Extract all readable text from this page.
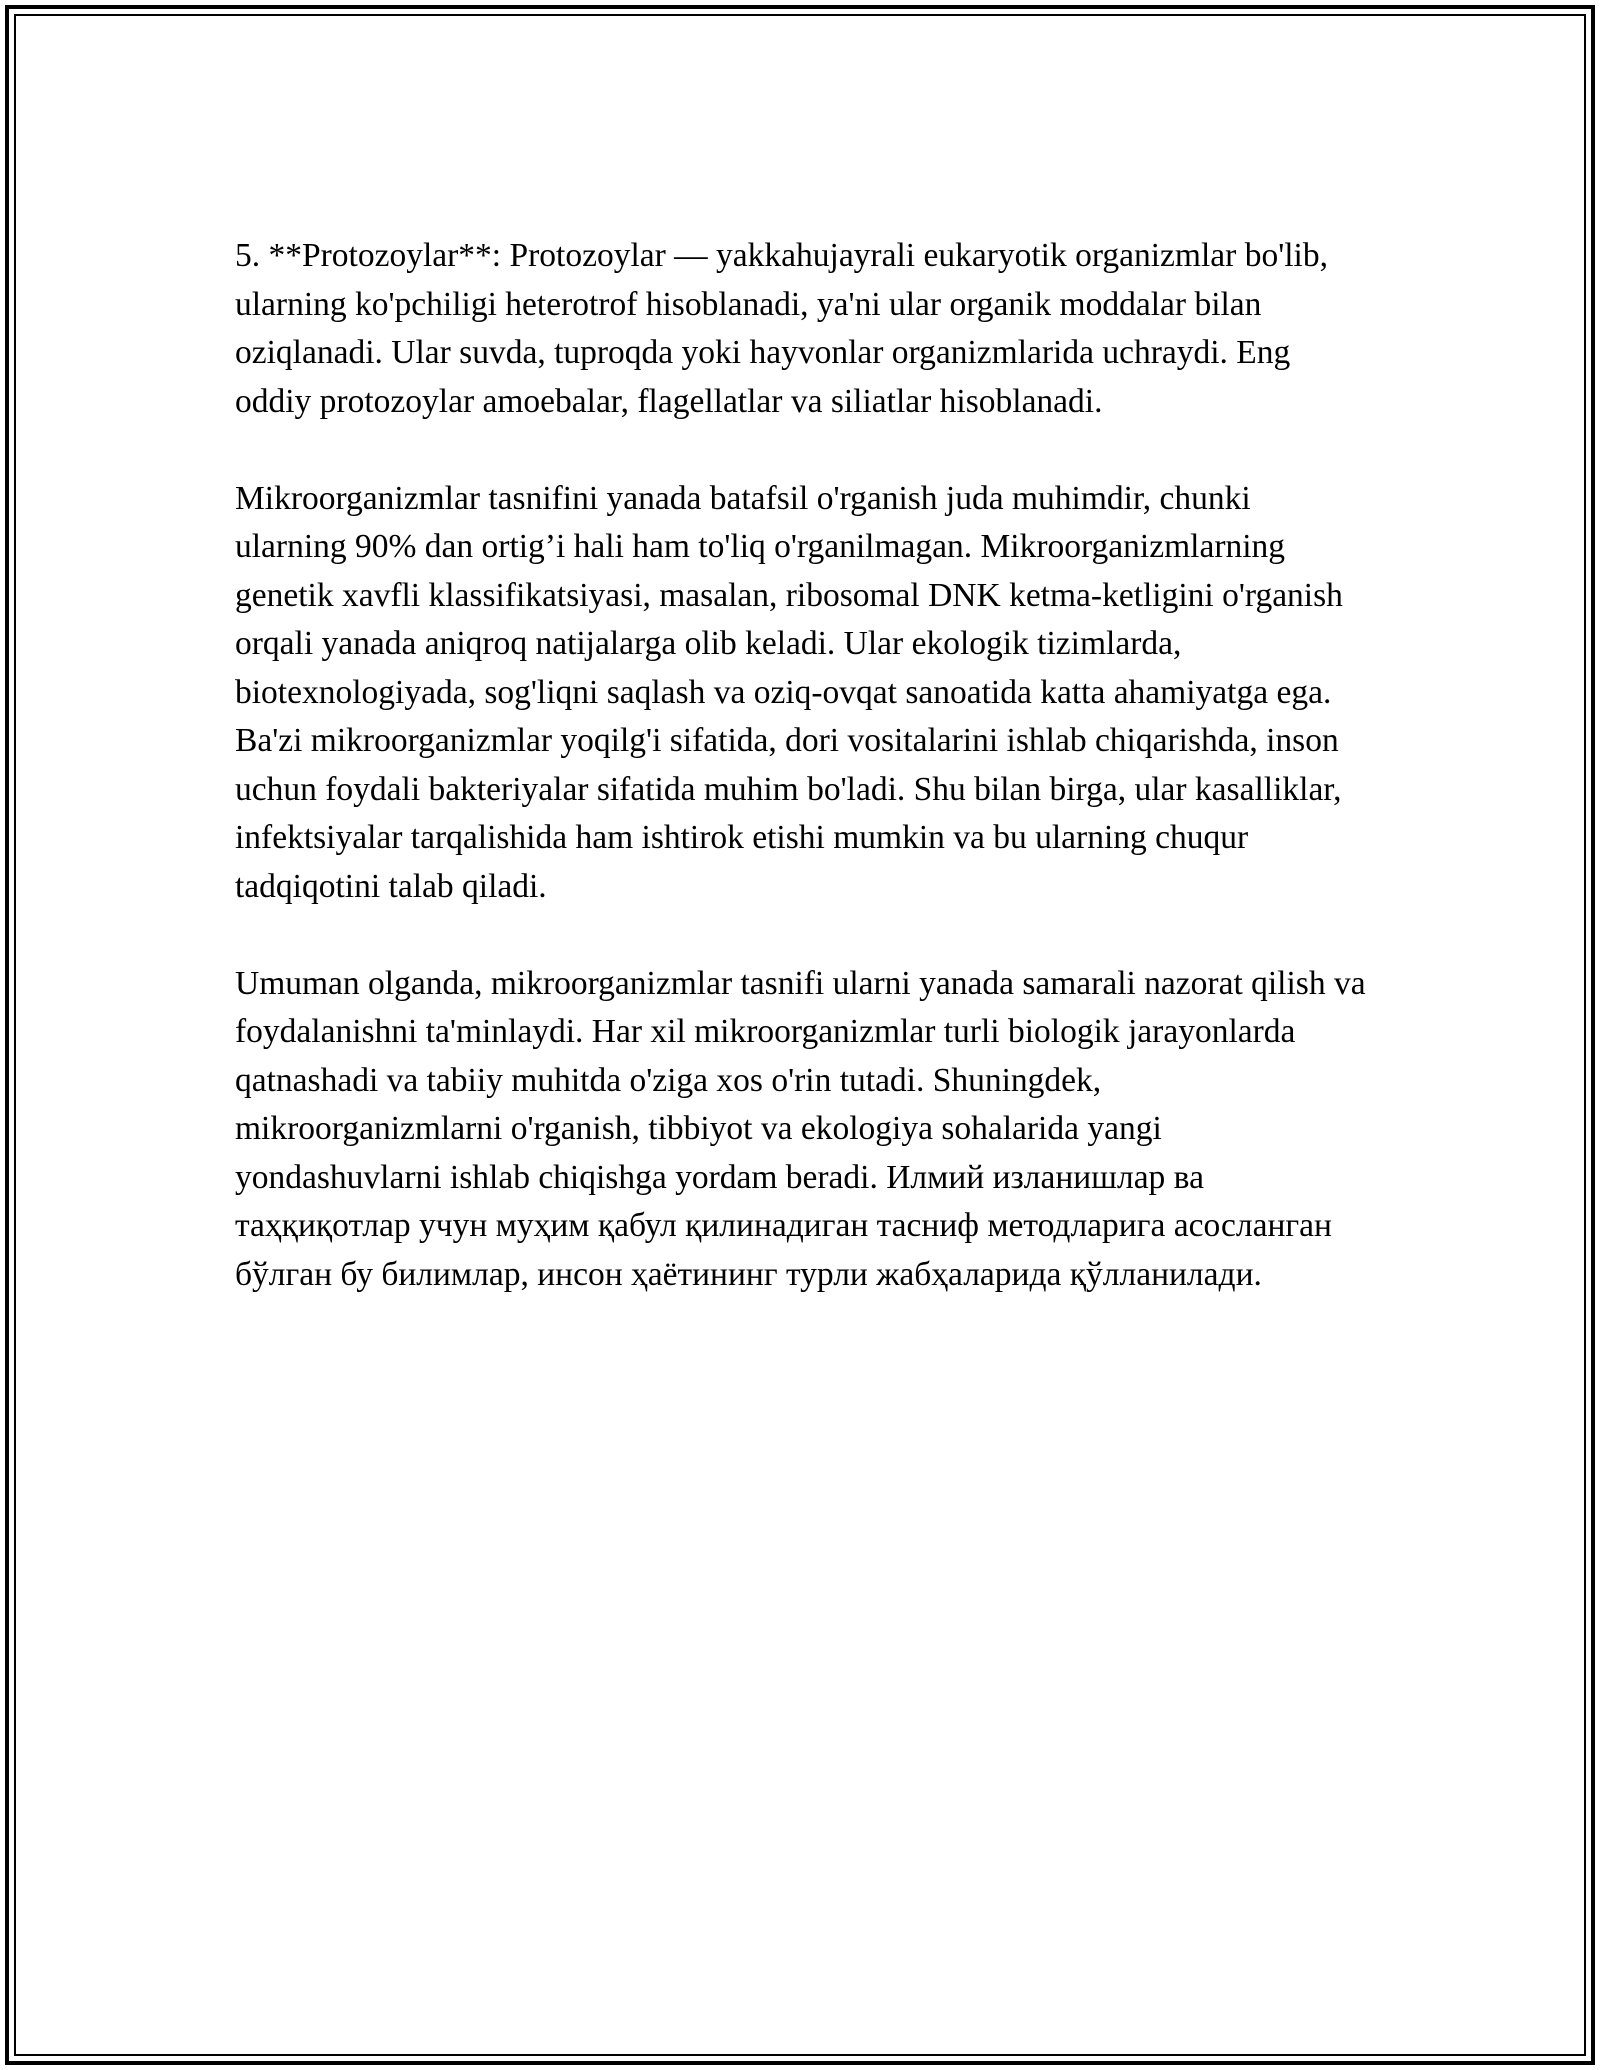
5. **Protozoylar**: Protozoylar — yakkahujayrali eukaryotik organizmlar bo'lib, ularning ko'pchiligi heterotrof hisoblanadi, ya'ni ular organik moddalar bilan oziqlanadi. Ular suvda, tuproqda yoki hayvonlar organizmlarida uchraydi. Eng oddiy protozoylar amoebalar, flagellatlar va siliatlar hisoblanadi.

Mikroorganizmlar tasnifini yanada batafsil o'rganish juda muhimdir, chunki ularning 90% dan ortig’i hali ham to'liq o'rganilmagan. Mikroorganizmlarning genetik xavfli klassifikatsiyasi, masalan, ribosomal DNK ketma-ketligini o'rganish orqali yanada aniqroq natijalarga olib keladi. Ular ekologik tizimlarda, biotexnologiyada, sog'liqni saqlash va oziq-ovqat sanoatida katta ahamiyatga ega. Ba'zi mikroorganizmlar yoqilg'i sifatida, dori vositalarini ishlab chiqarishda, inson uchun foydali bakteriyalar sifatida muhim bo'ladi. Shu bilan birga, ular kasalliklar, infektsiyalar tarqalishida ham ishtirok etishi mumkin va bu ularning chuqur tadqiqotini talab qiladi.

Umuman olganda, mikroorganizmlar tasnifi ularni yanada samarali nazorat qilish va foydalanishni ta'minlaydi. Har xil mikroorganizmlar turli biologik jarayonlarda qatnashadi va tabiiy muhitda o'ziga xos o'rin tutadi. Shuningdek, mikroorganizmlarni o'rganish, tibbiyot va ekologiya sohalarida yangi yondashuvlarni ishlab chiqishga yordam beradi. Илмий изланишлар ва таҳқиқотлар учун муҳим қабул қилинадиган тасниф методларига асосланган бўлган бу билимлар, инсон ҳаётининг турли жабҳаларида қўлланилади.
